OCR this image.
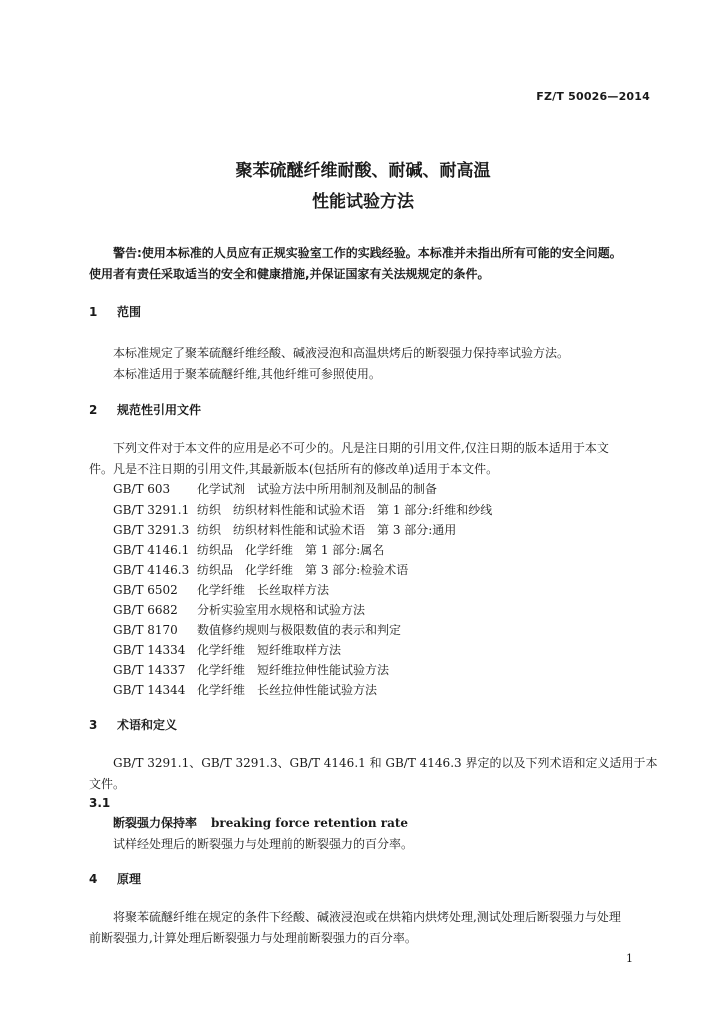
FZ/T 50026—2014
聚苯硫醚纤维耐酸、耐碱、耐高温
性能试验方法
警告:使用本标准的人员应有正规实验室工作的实践经验。本标准并未指出所有可能的安全问题。
使用者有责任采取适当的安全和健康措施,并保证国家有关法规规定的条件。
1 范围
本标准规定了聚苯硫醚纤维经酸、碱液浸泡和高温烘烤后的断裂强力保持率试验方法。
本标准适用于聚苯硫醚纤维,其他纤维可参照使用。
2 规范性引用文件
下列文件对于本文件的应用是必不可少的。凡是注日期的引用文件,仅注日期的版本适用于本文
件。凡是不注日期的引用文件,其最新版本(包括所有的修改单)适用于本文件。
GB/T 603 化学试剂　试验方法中所用制剂及制品的制备
GB/T 3291.1 纺织　纺织材料性能和试验术语　第 1 部分:纤维和纱线
GB/T 3291.3 纺织　纺织材料性能和试验术语　第 3 部分:通用
GB/T 4146.1 纺织品　化学纤维　第 1 部分:属名
GB/T 4146.3 纺织品　化学纤维　第 3 部分:检验术语
GB/T 6502 化学纤维　长丝取样方法
GB/T 6682 分析实验室用水规格和试验方法
GB/T 8170 数值修约规则与极限数值的表示和判定
GB/T 14334 化学纤维　短纤维取样方法
GB/T 14337 化学纤维　短纤维拉伸性能试验方法
GB/T 14344 化学纤维　长丝拉伸性能试验方法
3 术语和定义
GB/T 3291.1、GB/T 3291.3、GB/T 4146.1 和 GB/T 4146.3 界定的以及下列术语和定义适用于本
文件。
3.1
断裂强力保持率 breaking force retention rate
试样经处理后的断裂强力与处理前的断裂强力的百分率。
4 原理
将聚苯硫醚纤维在规定的条件下经酸、碱液浸泡或在烘箱内烘烤处理,测试处理后断裂强力与处理
前断裂强力,计算处理后断裂强力与处理前断裂强力的百分率。
1
